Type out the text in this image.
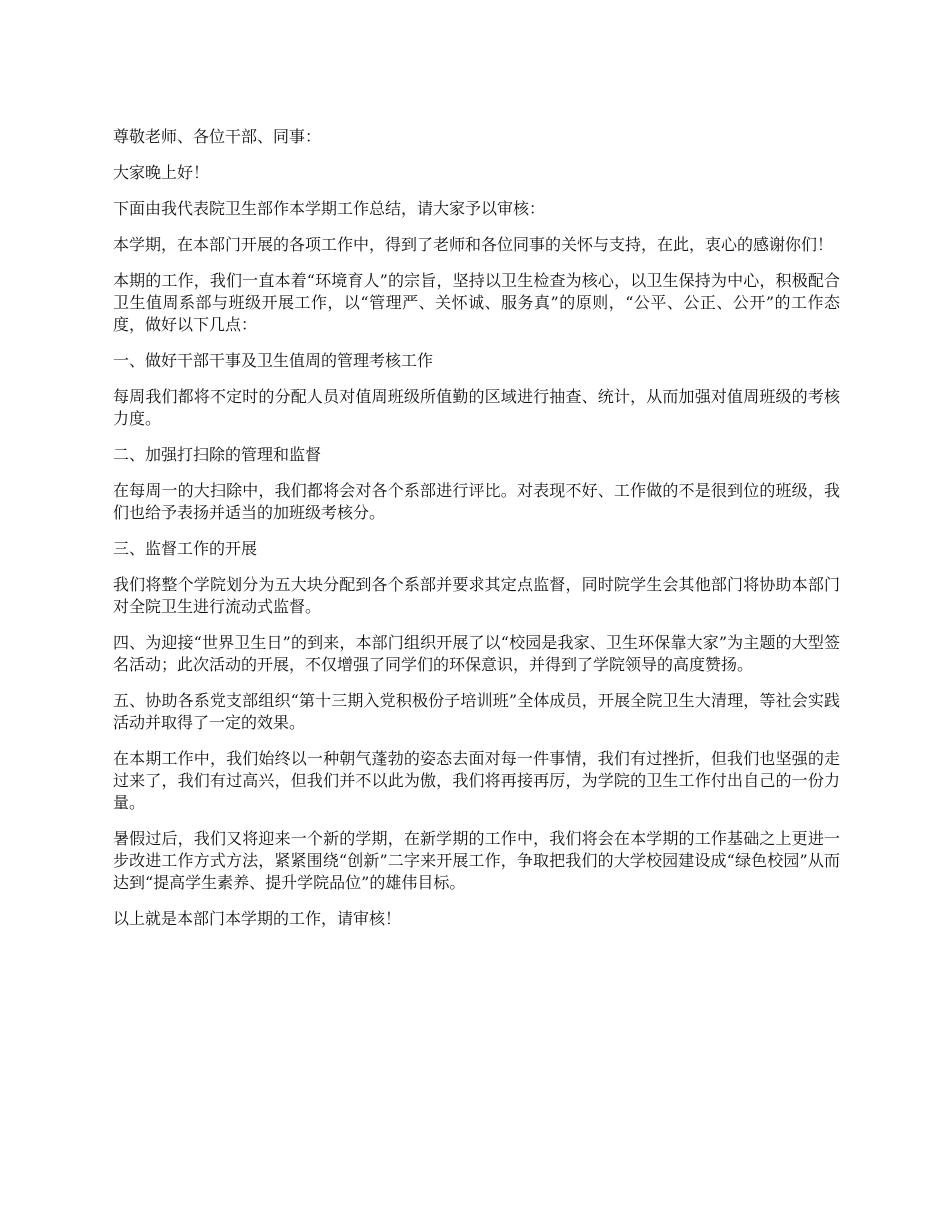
尊敬老师、各位干部、同事：

大家晚上好！

下面由我代表院卫生部作本学期工作总结，请大家予以审核：

本学期，在本部门开展的各项工作中，得到了老师和各位同事的关怀与支持，在此，衷心的感谢你们！

本期的工作，我们一直本着“环境育人”的宗旨，坚持以卫生检查为核心，以卫生保持为中心，积极配合卫生值周系部与班级开展工作，以“管理严、关怀诚、服务真”的原则，“公平、公正、公开”的工作态度，做好以下几点：

一、做好干部干事及卫生值周的管理考核工作

每周我们都将不定时的分配人员对值周班级所值勤的区域进行抽查、统计，从而加强对值周班级的考核力度。

二、加强打扫除的管理和监督

在每周一的大扫除中，我们都将会对各个系部进行评比。对表现不好、工作做的不是很到位的班级，我们也给予表扬并适当的加班级考核分。

三、监督工作的开展

我们将整个学院划分为五大块分配到各个系部并要求其定点监督，同时院学生会其他部门将协助本部门对全院卫生进行流动式监督。

四、为迎接“世界卫生日”的到来，本部门组织开展了以“校园是我家、卫生环保靠大家”为主题的大型签名活动；此次活动的开展，不仅增强了同学们的环保意识，并得到了学院领导的高度赞扬。

五、协助各系党支部组织“第十三期入党积极份子培训班”全体成员，开展全院卫生大清理，等社会实践活动并取得了一定的效果。

在本期工作中，我们始终以一种朝气蓬勃的姿态去面对每一件事情，我们有过挫折，但我们也坚强的走过来了，我们有过高兴，但我们并不以此为傲，我们将再接再厉，为学院的卫生工作付出自己的一份力量。

暑假过后，我们又将迎来一个新的学期，在新学期的工作中，我们将会在本学期的工作基础之上更进一步改进工作方式方法，紧紧围绕“创新”二字来开展工作，争取把我们的大学校园建设成“绿色校园”从而达到“提高学生素养、提升学院品位”的雄伟目标。

以上就是本部门本学期的工作，请审核！
